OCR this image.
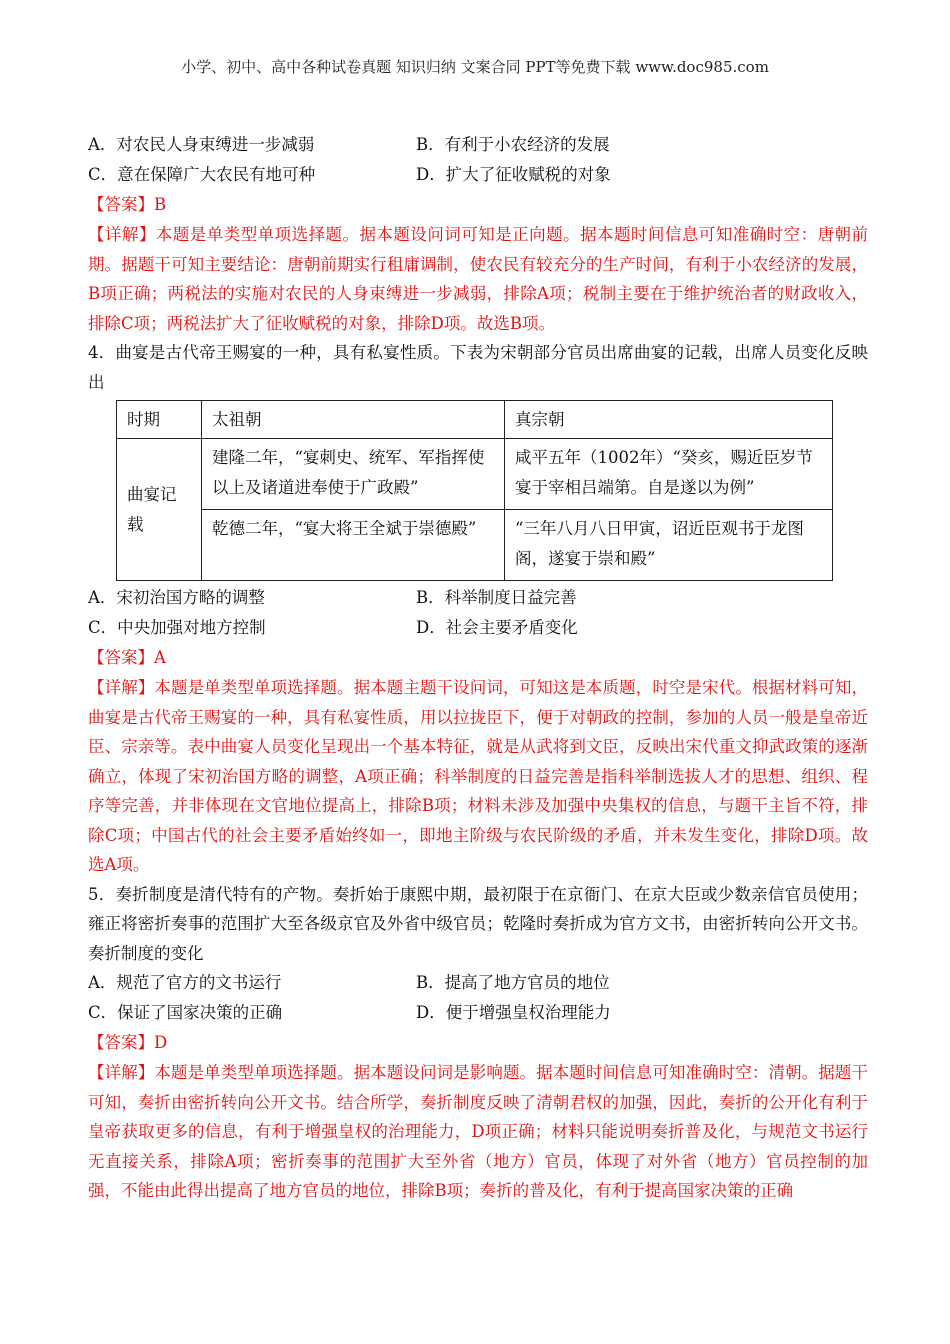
小学、初中、高中各种试卷真题 知识归纳 文案合同 PPT等免费下载 www.doc985.com
A．对农民人身束缚进一步减弱	B．有利于小农经济的发展
C．意在保障广大农民有地可种	D．扩大了征收赋税的对象
【答案】B

【详解】本题是单类型单项选择题。据本题设问词可知是正向题。据本题时间信息可知准确时空：唐朝前期。据题干可知主要结论：唐朝前期实行租庸调制，使农民有较充分的生产时间，有利于小农经济的发展，B项正确；两税法的实施对农民的人身束缚进一步减弱，排除A项；税制主要在于维护统治者的财政收入，排除C项；两税法扩大了征收赋税的对象，排除D项。故选B项。

4．曲宴是古代帝王赐宴的一种，具有私宴性质。下表为宋朝部分官员出席曲宴的记载，出席人员变化反映出

时期	太祖朝	真宗朝
曲宴记载	建隆二年，“宴刺史、统军、军指挥使以上及诸道进奉使于广政殿”	咸平五年（1002年）“癸亥，赐近臣岁节宴于宰相吕端第。自是遂以为例”
	乾德二年，“宴大将王全斌于崇德殿”	“三年八月八日甲寅，诏近臣观书于龙图阁，遂宴于崇和殿”
A．宋初治国方略的调整	B．科举制度日益完善
C．中央加强对地方控制	D．社会主要矛盾变化
【答案】A

【详解】本题是单类型单项选择题。据本题主题干设问词，可知这是本质题，时空是宋代。根据材料可知，曲宴是古代帝王赐宴的一种，具有私宴性质，用以拉拢臣下，便于对朝政的控制，参加的人员一般是皇帝近臣、宗亲等。表中曲宴人员变化呈现出一个基本特征，就是从武将到文臣，反映出宋代重文抑武政策的逐渐确立，体现了宋初治国方略的调整，A项正确；科举制度的日益完善是指科举制选拔人才的思想、组织、程序等完善，并非体现在文官地位提高上，排除B项；材料未涉及加强中央集权的信息，与题干主旨不符，排除C项；中国古代的社会主要矛盾始终如一，即地主阶级与农民阶级的矛盾，并未发生变化，排除D项。故选A项。

5．奏折制度是清代特有的产物。奏折始于康熙中期，最初限于在京衙门、在京大臣或少数亲信官员使用；雍正将密折奏事的范围扩大至各级京官及外省中级官员；乾隆时奏折成为官方文书，由密折转向公开文书。奏折制度的变化

A．规范了官方的文书运行	B．提高了地方官员的地位
C．保证了国家决策的正确	D．便于增强皇权治理能力
【答案】D

【详解】本题是单类型单项选择题。据本题设问词是影响题。据本题时间信息可知准确时空：清朝。据题干可知，奏折由密折转向公开文书。结合所学，奏折制度反映了清朝君权的加强，因此，奏折的公开化有利于皇帝获取更多的信息，有利于增强皇权的治理能力，D项正确；材料只能说明奏折普及化，与规范文书运行无直接关系，排除A项；密折奏事的范围扩大至外省（地方）官员，体现了对外省（地方）官员控制的加强，不能由此得出提高了地方官员的地位，排除B项；奏折的普及化，有利于提高国家决策的正确
